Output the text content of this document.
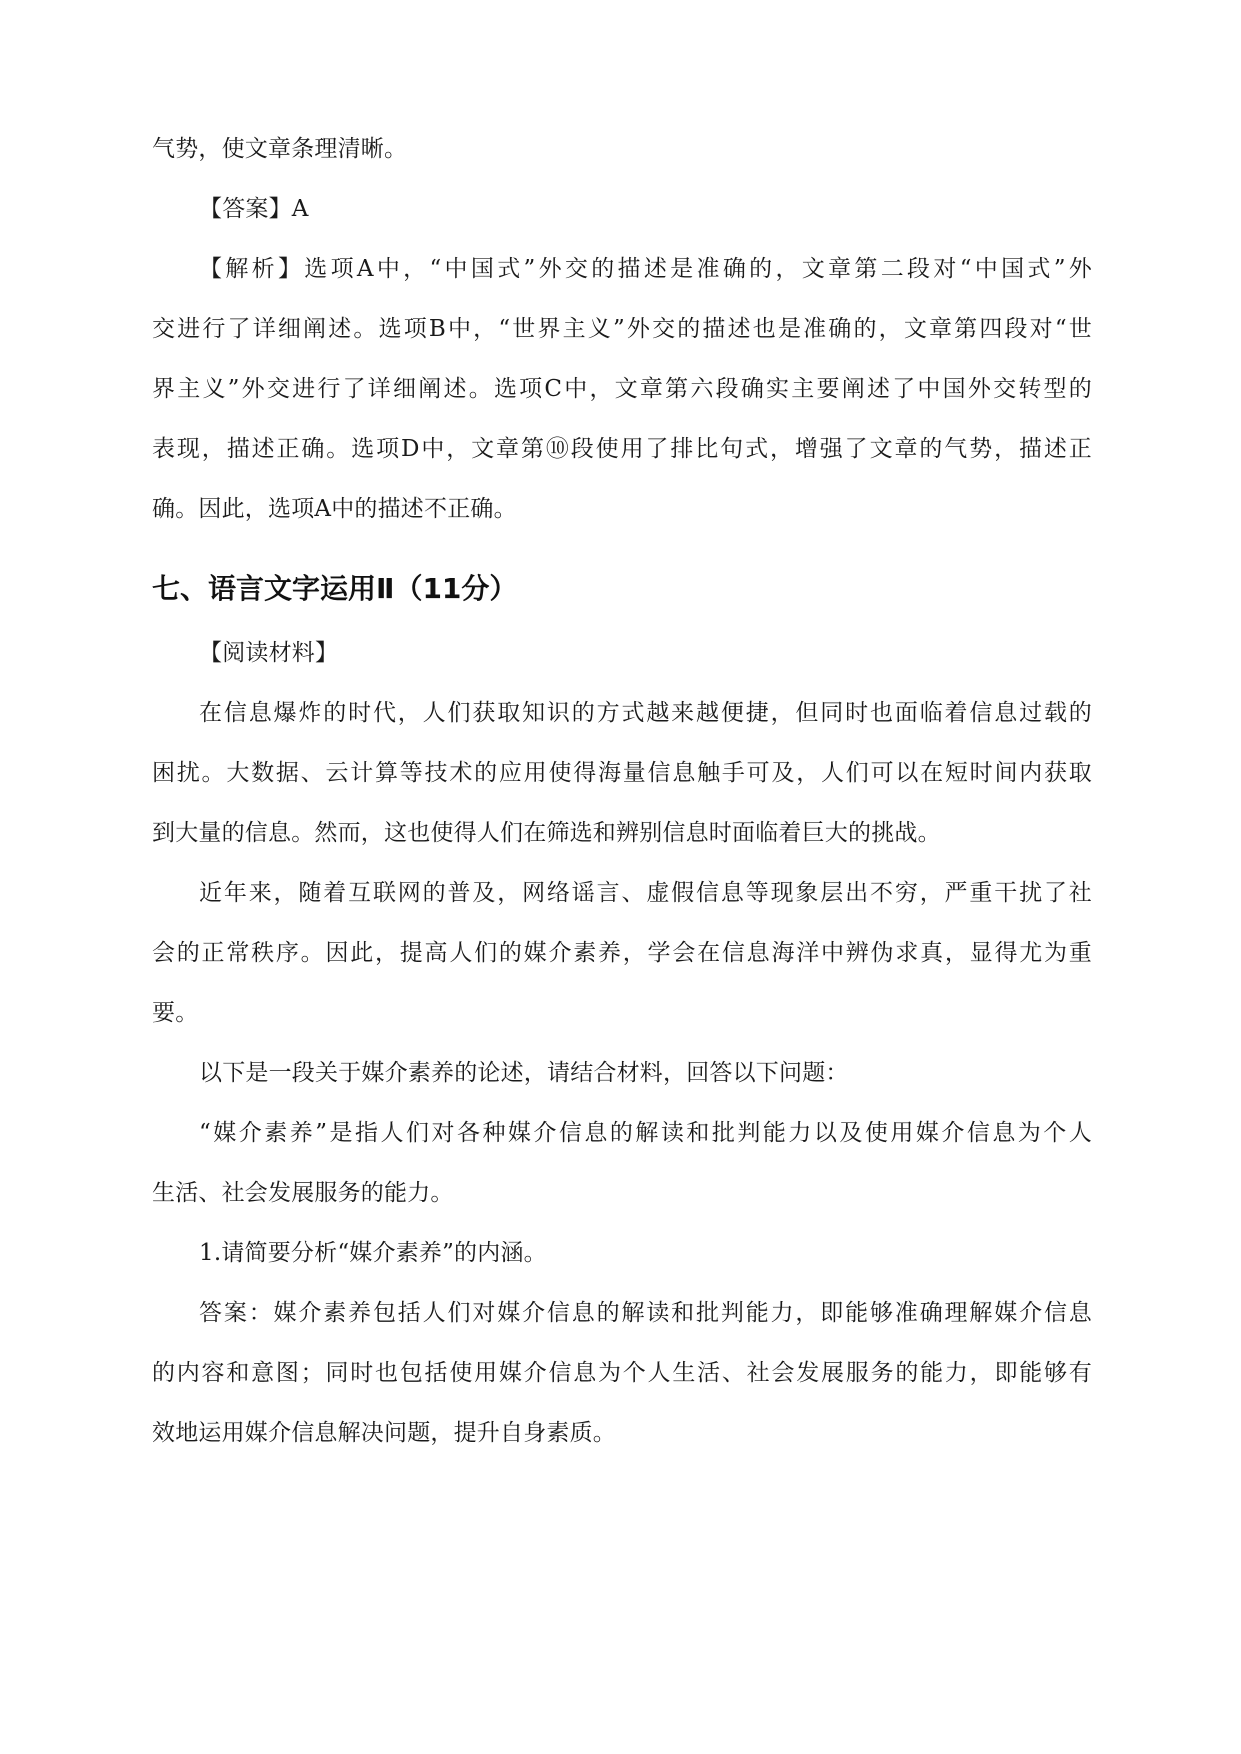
气势，使文章条理清晰。
【答案】A
【解析】选项A中，“中国式”外交的描述是准确的，文章第二段对“中国式”外
交进行了详细阐述。选项B中，“世界主义”外交的描述也是准确的，文章第四段对“世
界主义”外交进行了详细阐述。选项C中，文章第六段确实主要阐述了中国外交转型的
表现，描述正确。选项D中，文章第⑩段使用了排比句式，增强了文章的气势，描述正
确。因此，选项A中的描述不正确。
七、语言文字运用Ⅱ（11分）
【阅读材料】
在信息爆炸的时代，人们获取知识的方式越来越便捷，但同时也面临着信息过载的
困扰。大数据、云计算等技术的应用使得海量信息触手可及，人们可以在短时间内获取
到大量的信息。然而，这也使得人们在筛选和辨别信息时面临着巨大的挑战。
近年来，随着互联网的普及，网络谣言、虚假信息等现象层出不穷，严重干扰了社
会的正常秩序。因此，提高人们的媒介素养，学会在信息海洋中辨伪求真，显得尤为重
要。
以下是一段关于媒介素养的论述，请结合材料，回答以下问题：
“媒介素养”是指人们对各种媒介信息的解读和批判能力以及使用媒介信息为个人
生活、社会发展服务的能力。
1.请简要分析“媒介素养”的内涵。
答案：媒介素养包括人们对媒介信息的解读和批判能力，即能够准确理解媒介信息
的内容和意图；同时也包括使用媒介信息为个人生活、社会发展服务的能力，即能够有
效地运用媒介信息解决问题，提升自身素质。
